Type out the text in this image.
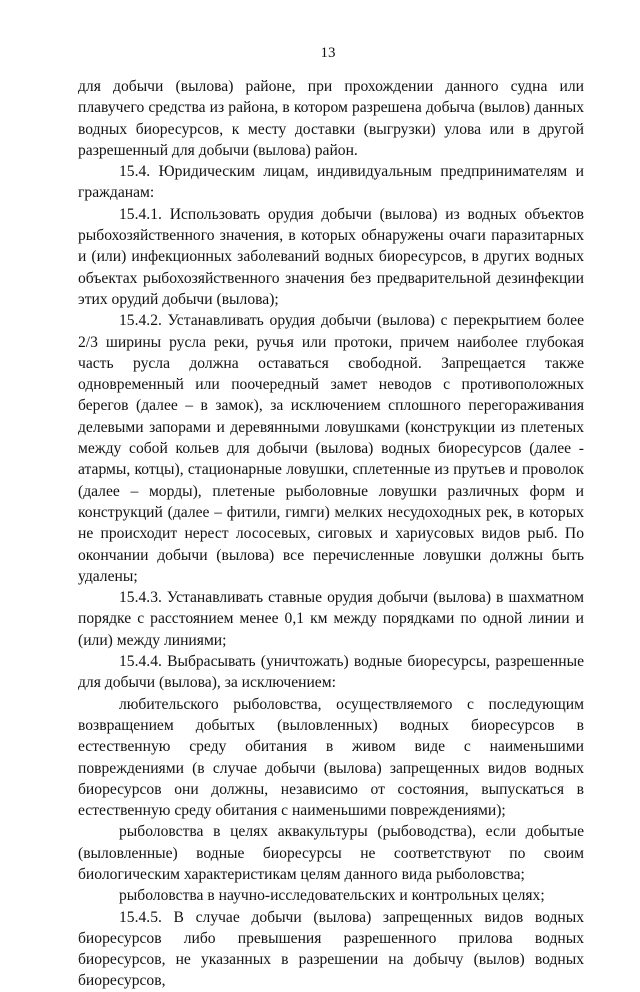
13

для добычи (вылова) районе, при прохождении данного судна или плавучего средства из района, в котором разрешена добыча (вылов) данных водных биоресурсов, к месту доставки (выгрузки) улова или в другой разрешенный для добычи (вылова) район.

15.4. Юридическим лицам, индивидуальным предпринимателям и гражданам:

15.4.1. Использовать орудия добычи (вылова) из водных объектов рыбохозяйственного значения, в которых обнаружены очаги паразитарных и (или) инфекционных заболеваний водных биоресурсов, в других водных объектах рыбохозяйственного значения без предварительной дезинфекции этих орудий добычи (вылова);

15.4.2. Устанавливать орудия добычи (вылова) с перекрытием более 2/3 ширины русла реки, ручья или протоки, причем наиболее глубокая часть русла должна оставаться свободной. Запрещается также одновременный или поочередный замет неводов с противоположных берегов (далее – в замок), за исключением сплошного перегораживания делевыми запорами и деревянными ловушками (конструкции из плетеных между собой кольев для добычи (вылова) водных биоресурсов (далее - атармы, котцы), стационарные ловушки, сплетенные из прутьев и проволок (далее – морды), плетеные рыболовные ловушки различных форм и конструкций (далее – фитили, гимги) мелких несудоходных рек, в которых не происходит нерест лососевых, сиговых и хариусовых видов рыб. По окончании добычи (вылова) все перечисленные ловушки должны быть удалены;

15.4.3. Устанавливать ставные орудия добычи (вылова) в шахматном порядке с расстоянием менее 0,1 км между порядками по одной линии и (или) между линиями;

15.4.4. Выбрасывать (уничтожать) водные биоресурсы, разрешенные для добычи (вылова), за исключением:

любительского рыболовства, осуществляемого с последующим возвращением добытых (выловленных) водных биоресурсов в естественную среду обитания в живом виде с наименьшими повреждениями (в случае добычи (вылова) запрещенных видов водных биоресурсов они должны, независимо от состояния, выпускаться в естественную среду обитания с наименьшими повреждениями);

рыболовства в целях аквакультуры (рыбоводства), если добытые (выловленные) водные биоресурсы не соответствуют по своим биологическим характеристикам целям данного вида рыболовства;

рыболовства в научно-исследовательских и контрольных целях;

15.4.5. В случае добычи (вылова) запрещенных видов водных биоресурсов либо превышения разрешенного прилова водных биоресурсов, не указанных в разрешении на добычу (вылов) водных биоресурсов,
